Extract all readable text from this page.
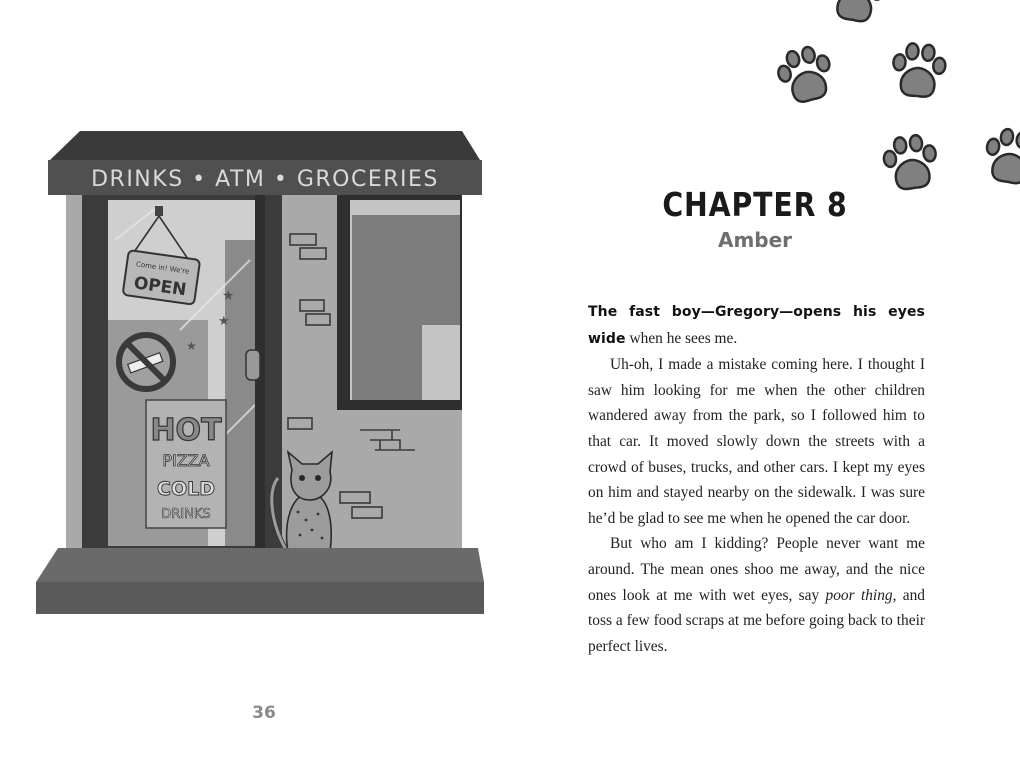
Come in! We're
OPEN ★
★
★
HOT
PIZZA
COLD
DRINKS
DRINKS • ATM • GROCERIES
36
CHAPTER 8
Amber

The fast boy—Gregory—opens his eyes wide when he sees me.

Uh-oh, I made a mistake coming here. I thought I saw him looking for me when the other children wandered away from the park, so I followed him to that car. It moved slowly down the streets with a crowd of buses, trucks, and other cars. I kept my eyes on him and stayed nearby on the sidewalk. I was sure he’d be glad to see me when he opened the car door.

But who am I kidding? People never want me around. The mean ones shoo me away, and the nice ones look at me with wet eyes, say poor thing, and toss a few food scraps at me before going back to their perfect lives.
